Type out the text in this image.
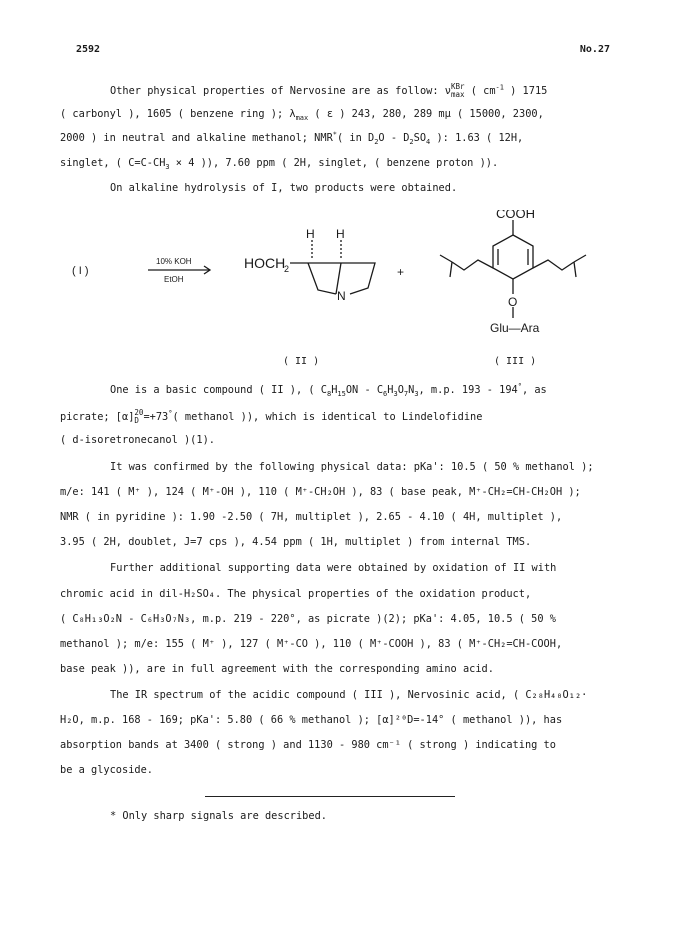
2592	No.27
Other physical properties of Nervosine are as follow: ν KBr
max ( $cm^{-1}$ ) 1715
( carbonyl ), 1605 ( benzene ring ); $\lambda_{max}$ ( ε ) 243, 280, 289 mμ ( 15000, 2300,
2000 ) in neutral and alkaline methanol; NMR*( in $D_2O - D_2SO_4$ ): 1.63 ( 12H,
singlet, ( $C=C-CH_3 \times 4$ )), 7.60 ppm ( 2H, singlet, ( benzene proton )).
On alkaline hydrolysis of I, two products were obtained.
( I )
10% KOH
EtOH
HOCH
2
H H
N
+
COOH
O
Glu—Ara
( II )	( III )
One is a basic compound ( II ), ( $C_8H_{15}ON - C_6H_3O_7N_3$, m.p. 193 - 194°, as
picrate; [α] 20
D =+73°( methanol )), which is identical to Lindelofidine
( d-isoretronecanol )(1).
It was confirmed by the following physical data: pKa': 10.5 ( 50 % methanol );
m/e: 141 ( M⁺ ), 124 ( M⁺-OH ), 110 ( M⁺-CH₂OH ), 83 ( base peak, M⁺-CH₂=CH-CH₂OH );
NMR ( in pyridine ): 1.90 -2.50 ( 7H, multiplet ), 2.65 - 4.10 ( 4H, multiplet ),
3.95 ( 2H, doublet, J=7 cps ), 4.54 ppm ( 1H, multiplet ) from internal TMS.
Further additional supporting data were obtained by oxidation of II with
chromic acid in dil-H₂SO₄. The physical properties of the oxidation product,
( C₈H₁₃O₂N - C₆H₃O₇N₃, m.p. 219 - 220°, as picrate )(2); pKa': 4.05, 10.5 ( 50 %
methanol ); m/e: 155 ( M⁺ ), 127 ( M⁺-CO ), 110 ( M⁺-COOH ), 83 ( M⁺-CH₂=CH-COOH,
base peak )), are in full agreement with the corresponding amino acid.
The IR spectrum of the acidic compound ( III ), Nervosinic acid, ( C₂₈H₄₀O₁₂·
H₂O, m.p. 168 - 169; pKa': 5.80 ( 66 % methanol ); [α]²⁰D=-14° ( methanol )), has
absorption bands at 3400 ( strong ) and 1130 - 980 cm⁻¹ ( strong ) indicating to
be a glycoside.
* Only sharp signals are described.
